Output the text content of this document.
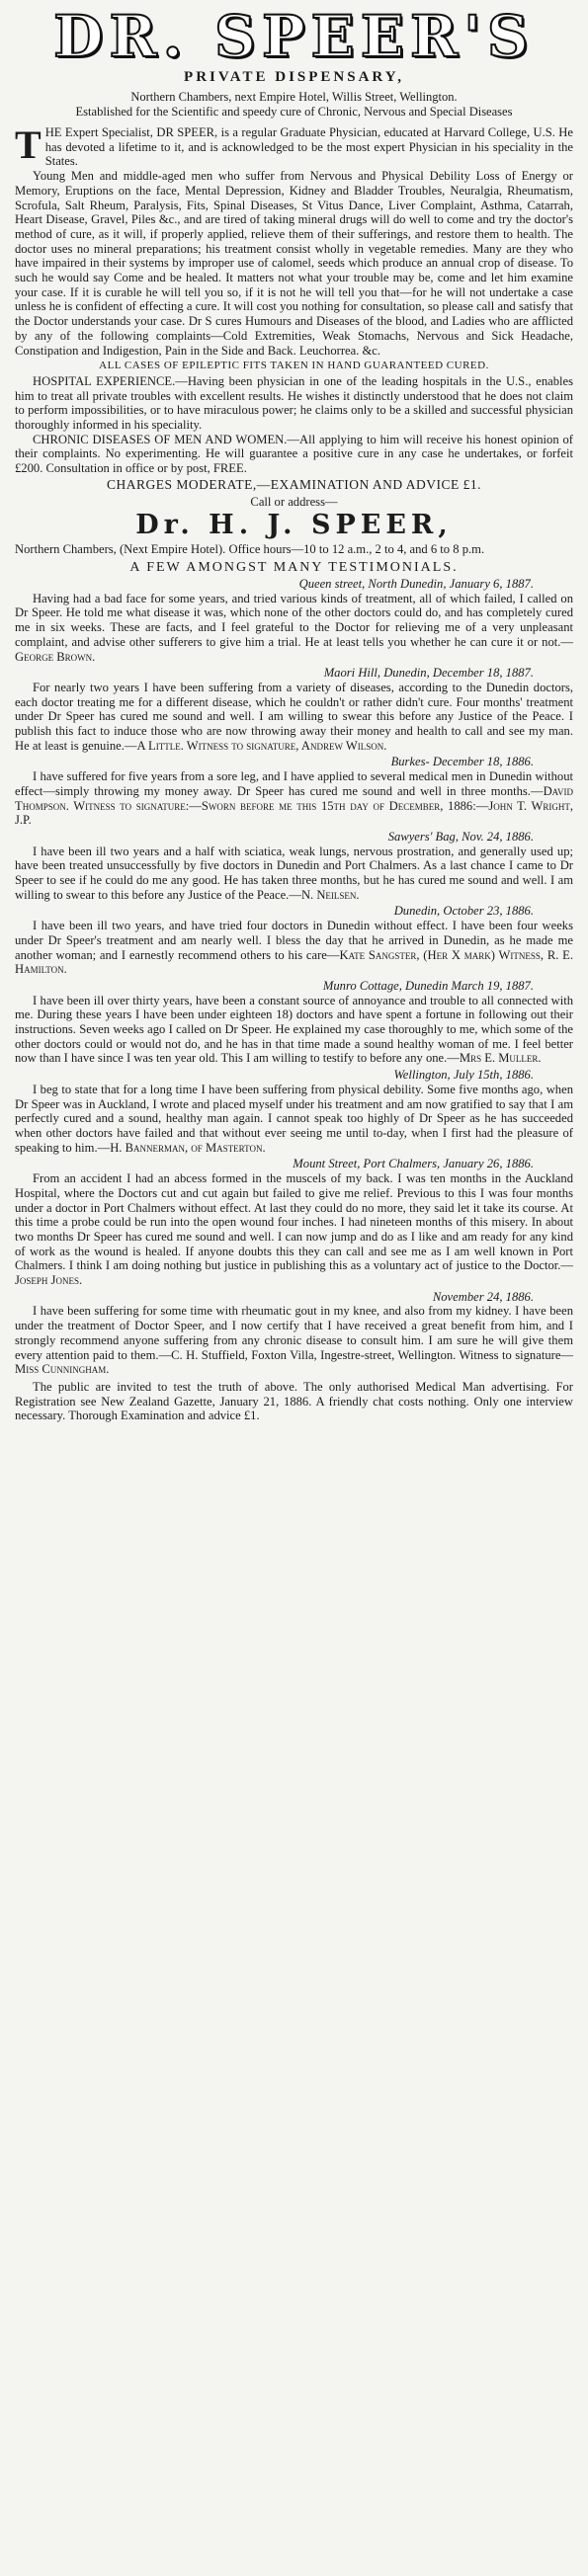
DR. SPEER'S
PRIVATE DISPENSARY,
Northern Chambers, next Empire Hotel, Willis Street, Wellington.
Established for the Scientific and speedy cure of Chronic, Nervous and Special Diseases

T HE Expert Specialist, DR SPEER, is a regular Graduate Physician, educated at Harvard College, U.S. He has devoted a lifetime to it, and is acknowledged to be the most expert Physician in his speciality in the States.

Young Men and middle-aged men who suffer from Nervous and Physical Debility Loss of Energy or Memory, Eruptions on the face, Mental Depression, Kidney and Bladder Troubles, Neuralgia, Rheumatism, Scrofula, Salt Rheum, Paralysis, Fits, Spinal Diseases, St Vitus Dance, Liver Complaint, Asthma, Catarrah, Heart Disease, Gravel, Piles &c., and are tired of taking mineral drugs will do well to come and try the doctor's method of cure, as it will, if properly applied, relieve them of their sufferings, and restore them to health. The doctor uses no mineral preparations; his treatment consist wholly in vegetable remedies. Many are they who have impaired in their systems by improper use of calomel, seeds which produce an annual crop of disease. To such he would say Come and be healed. It matters not what your trouble may be, come and let him examine your case. If it is curable he will tell you so, if it is not he will tell you that—for he will not undertake a case unless he is confident of effecting a cure. It will cost you nothing for consultation, so please call and satisfy that the Doctor understands your case. Dr S cures Humours and Diseases of the blood, and Ladies who are afflicted by any of the following complaints—Cold Extremities, Weak Stomachs, Nervous and Sick Headache, Constipation and Indigestion, Pain in the Side and Back. Leuchorrea. &c.

ALL CASES OF EPILEPTIC FITS TAKEN IN HAND GUARANTEED CURED.

HOSPITAL EXPERIENCE.—Having been physician in one of the leading hospitals in the U.S., enables him to treat all private troubles with excellent results. He wishes it distinctly understood that he does not claim to perform impossibilities, or to have miraculous power; he claims only to be a skilled and successful physician thoroughly informed in his speciality.

CHRONIC DISEASES OF MEN AND WOMEN.—All applying to him will receive his honest opinion of their complaints. No experimenting. He will guarantee a positive cure in any case he undertakes, or forfeit £200. Consultation in office or by post, FREE.

CHARGES MODERATE,—EXAMINATION AND ADVICE £1.

Call or address—

Dr. H. J. SPEER,

Northern Chambers, (Next Empire Hotel). Office hours—10 to 12 a.m., 2 to 4, and 6 to 8 p.m.

A FEW AMONGST MANY TESTIMONIALS.
Queen street, North Dunedin, January 6, 1887.

Having had a bad face for some years, and tried various kinds of treatment, all of which failed, I called on Dr Speer. He told me what disease it was, which none of the other doctors could do, and has completely cured me in six weeks. These are facts, and I feel grateful to the Doctor for relieving me of a very unpleasant complaint, and advise other sufferers to give him a trial. He at least tells you whether he can cure it or not.—George Brown.

Maori Hill, Dunedin, December 18, 1887.

For nearly two years I have been suffering from a variety of diseases, according to the Dunedin doctors, each doctor treating me for a different disease, which he couldn't or rather didn't cure. Four months' treatment under Dr Speer has cured me sound and well. I am willing to swear this before any Justice of the Peace. I publish this fact to induce those who are now throwing away their money and health to call and see my man. He at least is genuine.—A Little. Witness to signature, Andrew Wilson.

Burkes- December 18, 1886.

I have suffered for five years from a sore leg, and I have applied to several medical men in Dunedin without effect—simply throwing my money away. Dr Speer has cured me sound and well in three months.—David Thompson. Witness to signature:—Sworn before me this 15th day of December, 1886:—John T. Wright, J.P.

Sawyers' Bag, Nov. 24, 1886.

I have been ill two years and a half with sciatica, weak lungs, nervous prostration, and generally used up; have been treated unsuccessfully by five doctors in Dunedin and Port Chalmers. As a last chance I came to Dr Speer to see if he could do me any good. He has taken three months, but he has cured me sound and well. I am willing to swear to this before any Justice of the Peace.—N. Neilsen.

Dunedin, October 23, 1886.

I have been ill two years, and have tried four doctors in Dunedin without effect. I have been four weeks under Dr Speer's treatment and am nearly well. I bless the day that he arrived in Dunedin, as he made me another woman; and I earnestly recommend others to his care—Kate Sangster, (Her X mark) Witness, R. E. Hamilton.

Munro Cottage, Dunedin March 19, 1887.

I have been ill over thirty years, have been a constant source of annoyance and trouble to all connected with me. During these years I have been under eighteen 18) doctors and have spent a fortune in following out their instructions. Seven weeks ago I called on Dr Speer. He explained my case thoroughly to me, which some of the other doctors could or would not do, and he has in that time made a sound healthy woman of me. I feel better now than I have since I was ten year old. This I am willing to testify to before any one.—Mrs E. Muller.

Wellington, July 15th, 1886.

I beg to state that for a long time I have been suffering from physical debility. Some five months ago, when Dr Speer was in Auckland, I wrote and placed myself under his treatment and am now gratified to say that I am perfectly cured and a sound, healthy man again. I cannot speak too highly of Dr Speer as he has succeeded when other doctors have failed and that without ever seeing me until to-day, when I first had the pleasure of speaking to him.—H. Bannerman, of Masterton.

Mount Street, Port Chalmers, January 26, 1886.

From an accident I had an abcess formed in the muscels of my back. I was ten months in the Auckland Hospital, where the Doctors cut and cut again but failed to give me relief. Previous to this I was four months under a doctor in Port Chalmers without effect. At last they could do no more, they said let it take its course. At this time a probe could be run into the open wound four inches. I had nineteen months of this misery. In about two months Dr Speer has cured me sound and well. I can now jump and do as I like and am ready for any kind of work as the wound is healed. If anyone doubts this they can call and see me as I am well known in Port Chalmers. I think I am doing nothing but justice in publishing this as a voluntary act of justice to the Doctor.—Joseph Jones.

November 24, 1886.

I have been suffering for some time with rheumatic gout in my knee, and also from my kidney. I have been under the treatment of Doctor Speer, and I now certify that I have received a great benefit from him, and I strongly recommend anyone suffering from any chronic disease to consult him. I am sure he will give them every attention paid to them.—C. H. Stuffield, Foxton Villa, Ingestre-street, Wellington. Witness to signature—Miss Cunningham.

The public are invited to test the truth of above. The only authorised Medical Man advertising. For Registration see New Zealand Gazette, January 21, 1886. A friendly chat costs nothing. Only one interview necessary. Thorough Examination and advice £1.
